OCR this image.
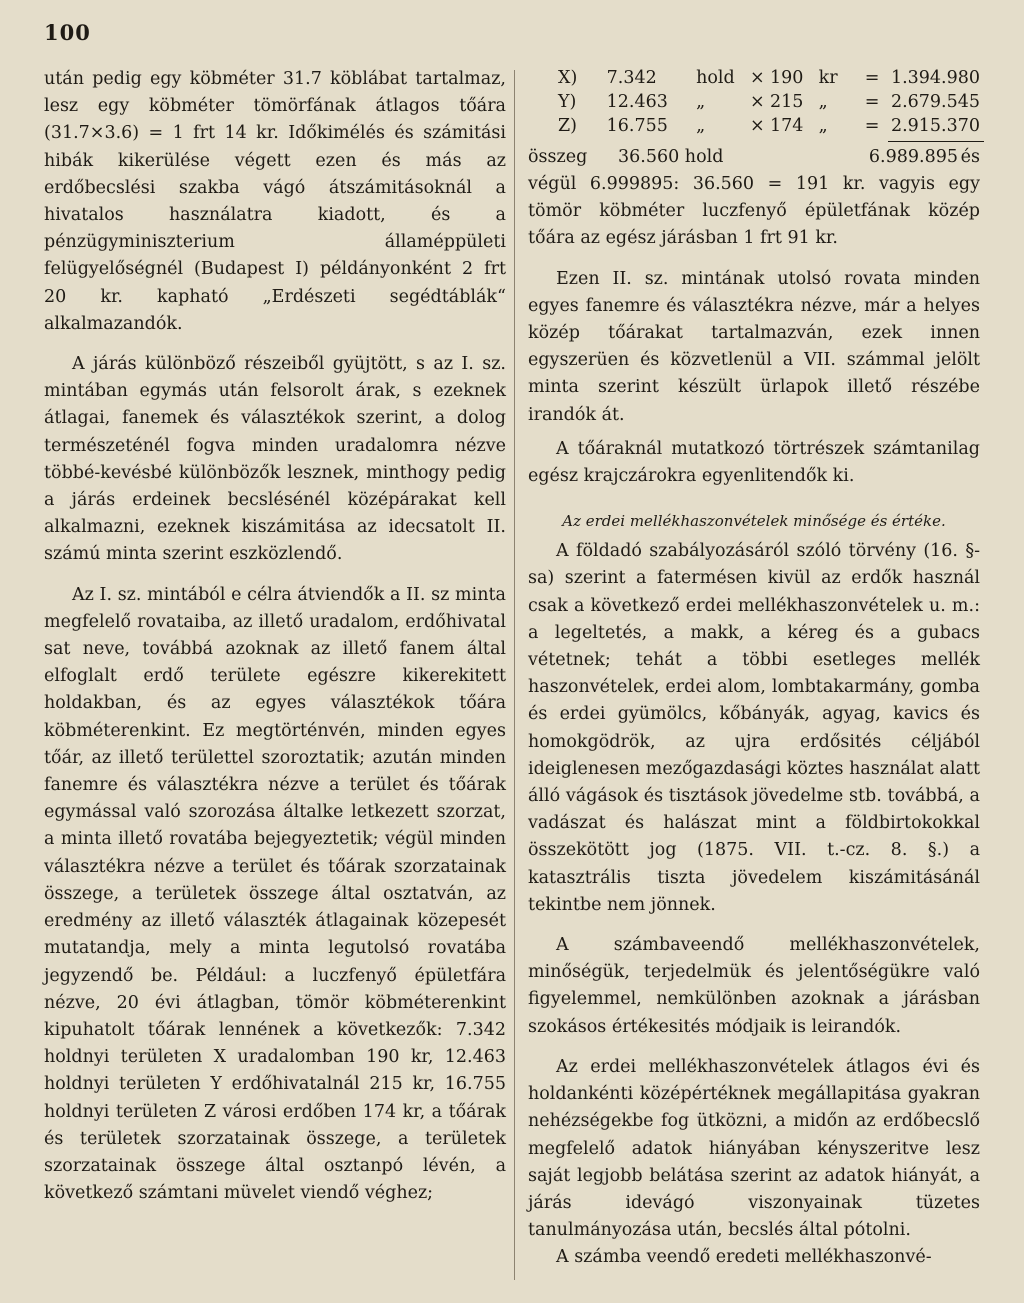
100

után pedig egy köbméter 31.7 köblábat tartalmaz, lesz egy köbméter tömörfának átlagos tőára (31.7×3.6) = 1 frt 14 kr. Időkimélés és számitási hibák kikerülése végett ezen és más az erdőbecslési szakba vágó átszámitásoknál a hivatalos használatra kiadott, és a pénzügyminiszterium államéppületi felügyelőségnél (Budapest I) példányonként 2 frt 20 kr. kapható „Erdészeti segédtáblák“ alkalmazandók.

A járás különböző részeiből gyüjtött, s az I. sz. mintában egymás után felsorolt árak, s ezeknek átlagai, fanemek és választékok szerint, a dolog természeténél fogva minden uradalomra nézve többé-kevésbé különbözők lesznek, minthogy pedig a járás erdeinek becslésénél középárakat kell alkalmazni, ezeknek kiszámitása az idecsatolt II. számú minta szerint eszközlendő.

Az I. sz. mintából e célra átviendők a II. sz minta megfelelő rovataiba, az illető uradalom, erdőhivatal sat neve, továbbá azoknak az illető fanem által elfoglalt erdő területe egészre kikerekitett holdakban, és az egyes választékok tőára köbméterenkint. Ez megtörténvén, minden egyes tőár, az illető területtel szoroztatik; azután minden fanemre és választékra nézve a terület és tőárak egymással való szorozása általke letkezett szorzat, a minta illető rovatába bejegyeztetik; végül minden választékra nézve a terület és tőárak szorzatainak összege, a területek összege által osztatván, az eredmény az illető választék átlagainak közepesét mutatandja, mely a minta legutolsó rovatába jegyzendő be. Például: a luczfenyő épületfára nézve, 20 évi átlagban, tömör köbméterenkint kipuhatolt tőárak lennének a következők: 7.342 holdnyi területen X uradalomban 190 kr, 12.463 holdnyi területen Y erdőhivatalnál 215 kr, 16.755 holdnyi területen Z városi erdőben 174 kr, a tőárak és területek szorzatainak összege, a területek szorzatainak összege által osztanpó lévén, a következő számtani müvelet viendő véghez;

X)	7.342	hold × 190 kr	= 1.394.980
Y)	12.463	„	× 215 „	= 2.679.545
Z)	16.755	„	× 174 „	= 2.915.370
összeg	36.560 hold	6.989.895 és

végül 6.999895: 36.560 = 191 kr. vagyis egy tömör köbméter luczfenyő épületfának közép tőára az egész járásban 1 frt 91 kr.

Ezen II. sz. mintának utolsó rovata minden egyes fanemre és választékra nézve, már a helyes közép tőárakat tartalmazván, ezek innen egyszerüen és közvetlenül a VII. számmal jelölt minta szerint készült ürlapok illető részébe irandók át.

A tőáraknál mutatkozó törtrészek számtanilag egész krajczárokra egyenlitendők ki.

Az erdei mellékhaszonvételek minősége és értéke.

A földadó szabályozásáról szóló törvény (16. §-sa) szerint a fatermésen kivül az erdők használ csak a következő erdei mellékhaszonvételek u. m.: a legeltetés, a makk, a kéreg és a gubacs vétetnek; tehát a többi esetleges mellék haszonvételek, erdei alom, lombtakarmány, gomba és erdei gyümölcs, kőbányák, agyag, kavics és homokgödrök, az ujra erdősités céljából ideiglenesen mezőgazdasági köztes használat alatt álló vágások és tisztások jövedelme stb. továbbá, a vadászat és halászat mint a földbirtokokkal összekötött jog (1875. VII. t.-cz. 8. §.) a katasztrális tiszta jövedelem kiszámitásánál tekintbe nem jönnek.

A számbaveendő mellékhaszonvételek, minőségük, terjedelmük és jelentőségükre való figyelemmel, nemkülönben azoknak a járásban szokásos értékesités módjaik is leirandók.

Az erdei mellékhaszonvételek átlagos évi és holdankénti középértéknek megállapitása gyakran nehézségekbe fog ütközni, a midőn az erdőbecslő megfelelő adatok hiányában kényszeritve lesz saját legjobb belátása szerint az adatok hiányát, a járás idevágó viszonyainak tüzetes tanulmányozása után, becslés által pótolni.

A számba veendő eredeti mellékhaszonvé-
